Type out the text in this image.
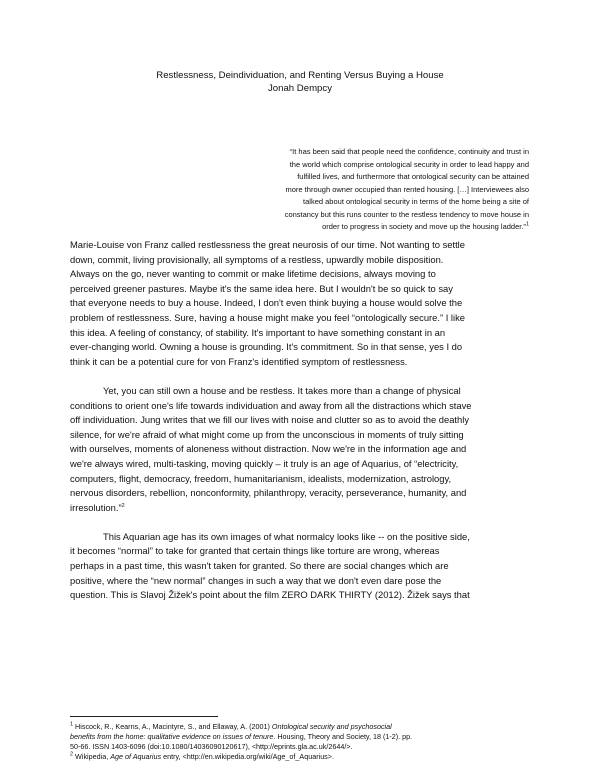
Restlessness, Deindividuation, and Renting Versus Buying a House
Jonah Dempcy
“It has been said that people need the confidence, continuity and trust in
the world which comprise ontological security in order to lead happy and
fulfilled lives, and furthermore that ontological security can be attained
more through owner occupied than rented housing. […] Interviewees also
talked about ontological security in terms of the home being a site of
constancy but this runs counter to the restless tendency to move house in
order to progress in society and move up the housing ladder.”$^1$

Marie-Louise von Franz called restlessness the great neurosis of our time. Not wanting to settle
down, commit, living provisionally, all symptoms of a restless, upwardly mobile disposition.
Always on the go, never wanting to commit or make lifetime decisions, always moving to
perceived greener pastures. Maybe it's the same idea here. But I wouldn't be so quick to say
that everyone needs to buy a house. Indeed, I don't even think buying a house would solve the
problem of restlessness. Sure, having a house might make you feel “ontologically secure.” I like
this idea. A feeling of constancy, of stability. It's important to have something constant in an
ever-changing world. Owning a house is grounding. It's commitment. So in that sense, yes I do
think it can be a potential cure for von Franz's identified symptom of restlessness.

Yet, you can still own a house and be restless. It takes more than a change of physical
conditions to orient one's life towards individuation and away from all the distractions which stave
off individuation. Jung writes that we fill our lives with noise and clutter so as to avoid the deathly
silence, for we're afraid of what might come up from the unconscious in moments of truly sitting
with ourselves, moments of aloneness without distraction. Now we're in the information age and
we're always wired, multi-tasking, moving quickly – it truly is an age of Aquarius, of “electricity,
computers, flight, democracy, freedom, humanitarianism, idealists, modernization, astrology,
nervous disorders, rebellion, nonconformity, philanthropy, veracity, perseverance, humanity, and
irresolution.”$^2$

This Aquarian age has its own images of what normalcy looks like -- on the positive side,
it becomes “normal” to take for granted that certain things like torture are wrong, whereas
perhaps in a past time, this wasn't taken for granted. So there are social changes which are
positive, where the “new normal” changes in such a way that we don't even dare pose the
question. This is Slavoj Žižek's point about the film ZERO DARK THIRTY (2012). Žižek says that

$^1$ Hiscock, R., Kearns, A., Macintyre, S., and Ellaway, A. (2001) Ontological security and psychosocial
benefits from the home: qualitative evidence on issues of tenure. Housing, Theory and Society, 18 (1-2). pp.
50-66. ISSN 1403-6096 (doi:10.1080/14036090120617), <http://eprints.gla.ac.uk/2644/>.
$^2$ Wikipedia, Age of Aquarius entry, <http://en.wikipedia.org/wiki/Age_of_Aquarius>.
